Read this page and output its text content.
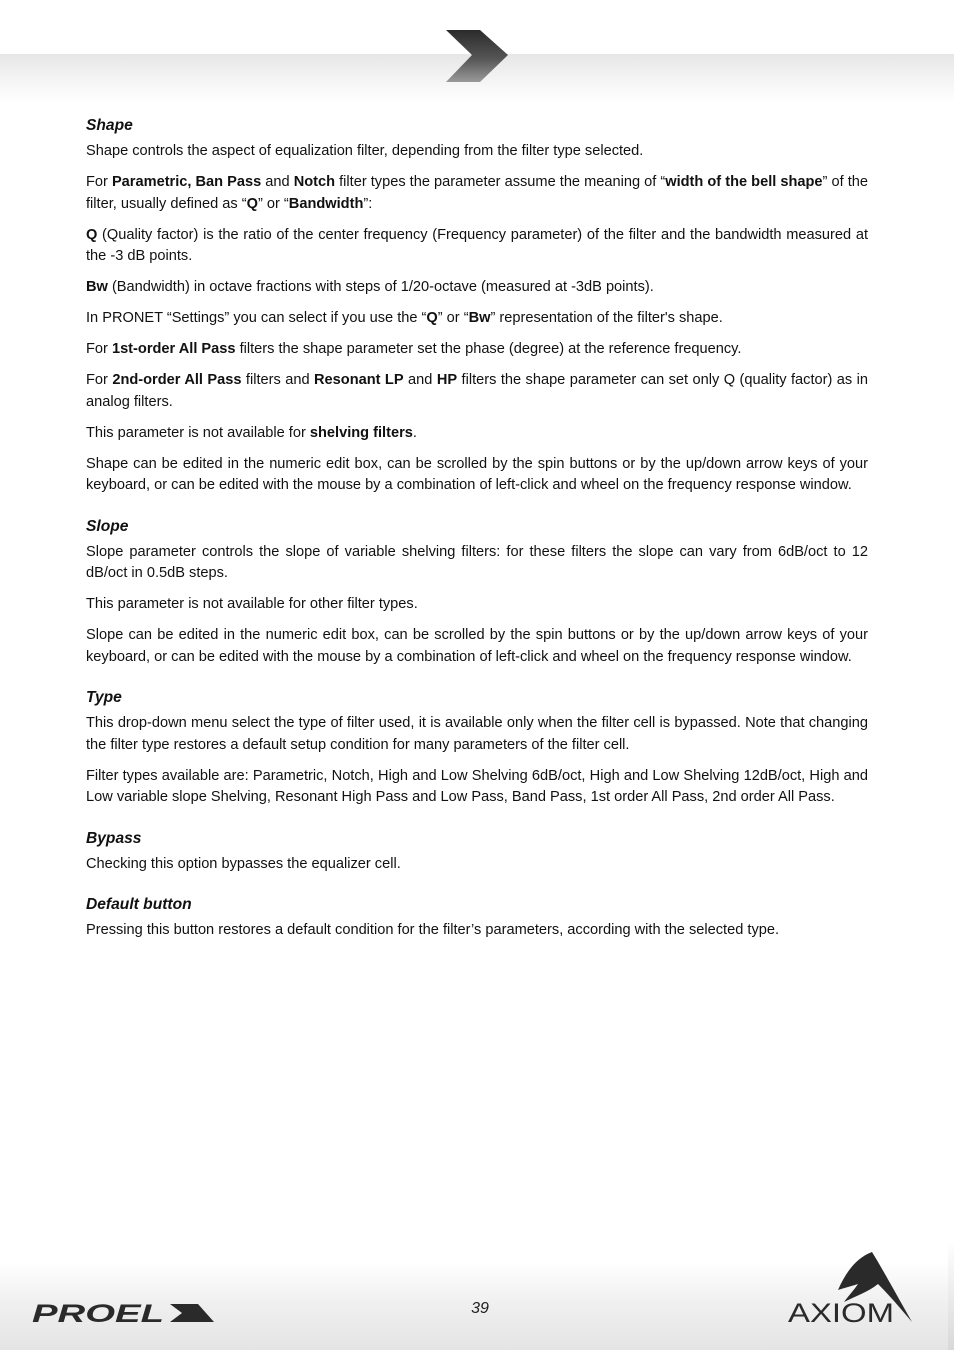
Shape

Shape controls the aspect of equalization filter, depending from the filter type selected.

For Parametric, Ban Pass and Notch filter types the parameter assume the meaning of “width of the bell shape” of the filter, usually defined as “Q” or “Bandwidth”:

Q (Quality factor) is the ratio of the center frequency (Frequency parameter) of the filter and the bandwidth measured at the -3 dB points.

Bw (Bandwidth) in octave fractions with steps of 1/20-octave (measured at -3dB points).

In PRONET “Settings” you can select if you use the “Q” or “Bw” representation of the filter's shape.

For 1st-order All Pass filters the shape parameter set the phase (degree) at the reference frequency.

For 2nd-order All Pass filters and Resonant LP and HP filters the shape parameter can set only Q (quality factor) as in analog filters.

This parameter is not available for shelving filters.

Shape can be edited in the numeric edit box, can be scrolled by the spin buttons or by the up/down arrow keys of your keyboard, or can be edited with the mouse by a combination of left-click and wheel on the frequency response window.

Slope

Slope parameter controls the slope of variable shelving filters: for these filters the slope can vary from 6dB/oct to 12 dB/oct in 0.5dB steps.

This parameter is not available for other filter types.

Slope can be edited in the numeric edit box, can be scrolled by the spin buttons or by the up/down arrow keys of your keyboard, or can be edited with the mouse by a combination of left-click and wheel on the frequency response window.

Type

This drop-down menu select the type of filter used, it is available only when the filter cell is bypassed. Note that changing the filter type restores a default setup condition for many parameters of the filter cell.

Filter types available are: Parametric, Notch, High and Low Shelving 6dB/oct, High and Low Shelving 12dB/oct, High and Low variable slope Shelving, Resonant High Pass and Low Pass, Band Pass, 1st order All Pass, 2nd order All Pass.

Bypass

Checking this option bypasses the equalizer cell.

Default button

Pressing this button restores a default condition for the filter’s parameters, according with the selected type.

PROEL	39	AXIOM
